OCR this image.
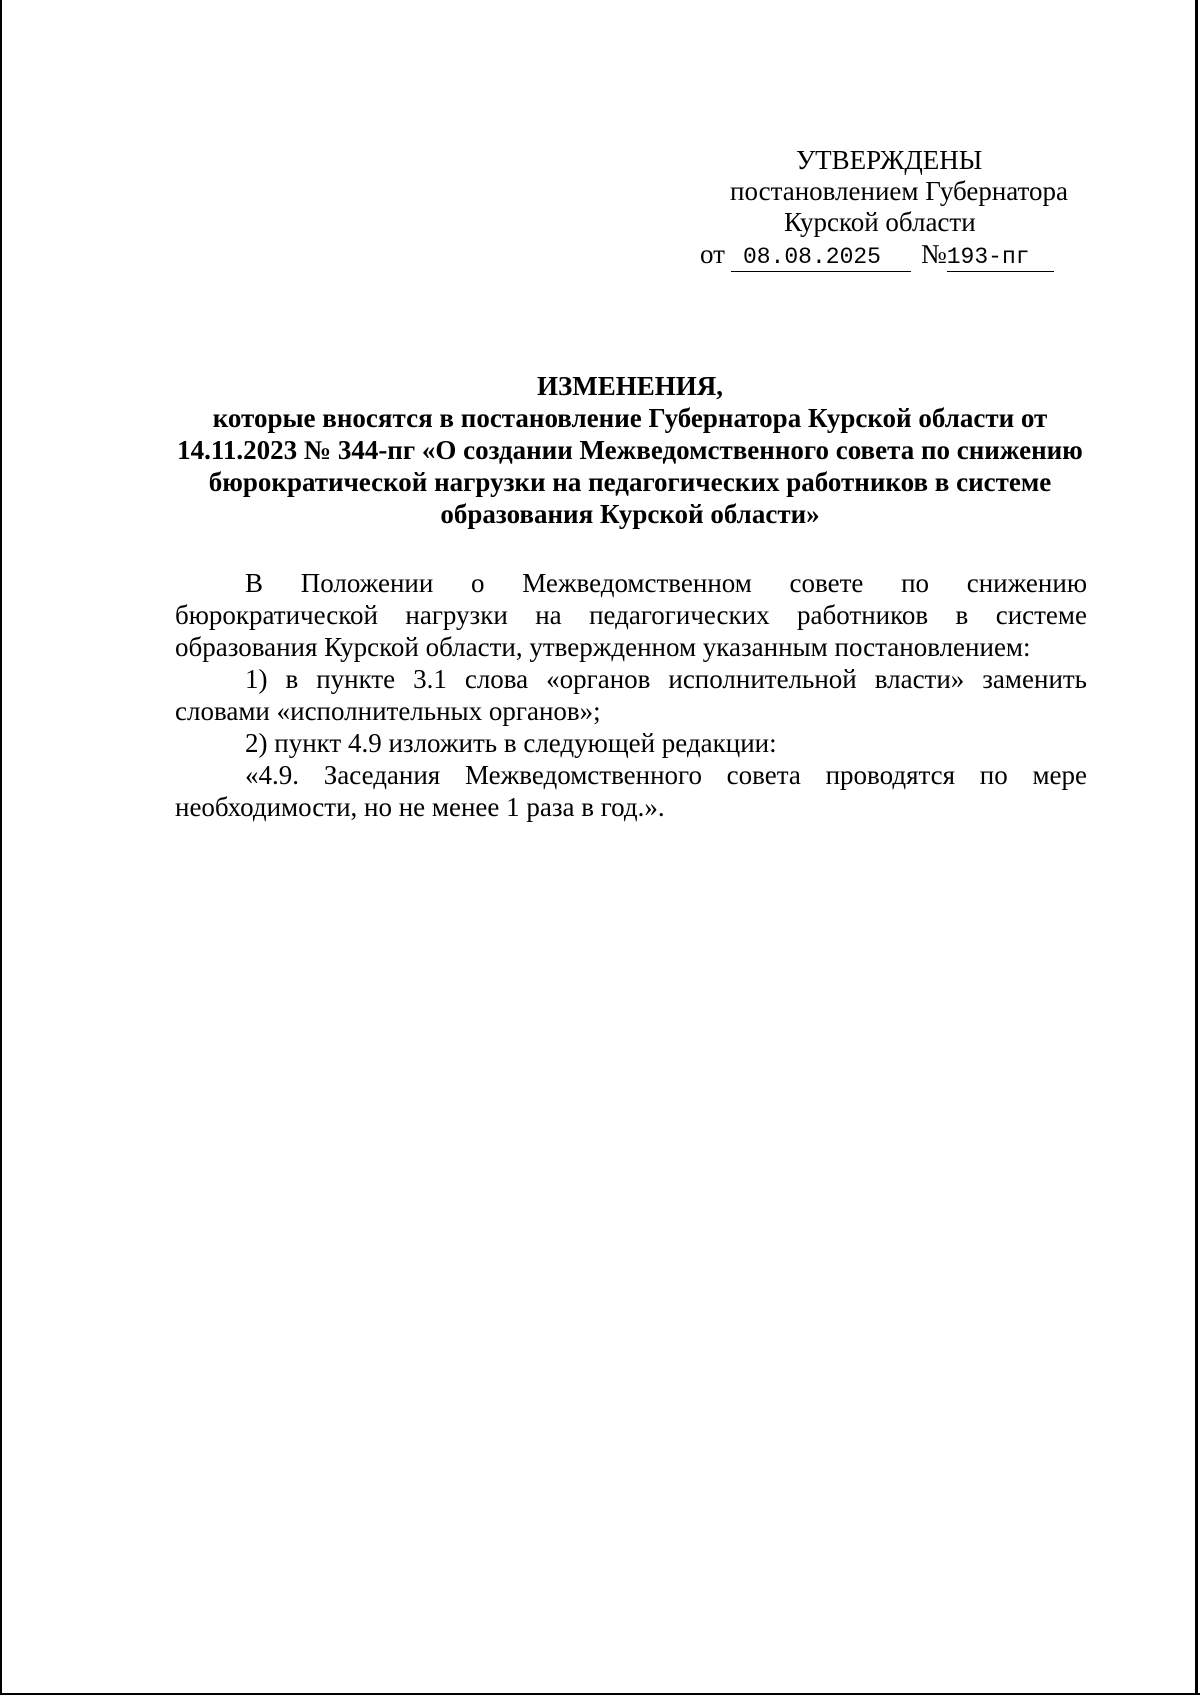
УТВЕРЖДЕНЫ
постановлением Губернатора
Курской области
от 08.08.2025 №193-пг
ИЗМЕНЕНИЯ,
которые вносятся в постановление Губернатора Курской области от 14.11.2023 № 344-пг «О создании Межведомственного совета по снижению бюрократической нагрузки на педагогических работников в системе образования Курской области»

В Положении о Межведомственном совете по снижению бюрократической нагрузки на педагогических работников в системе образования Курской области, утвержденном указанным постановлением:

1) в пункте 3.1 слова «органов исполнительной власти» заменить словами «исполнительных органов»;

2) пункт 4.9 изложить в следующей редакции:

«4.9. Заседания Межведомственного совета проводятся по мере необходимости, но не менее 1 раза в год.».
